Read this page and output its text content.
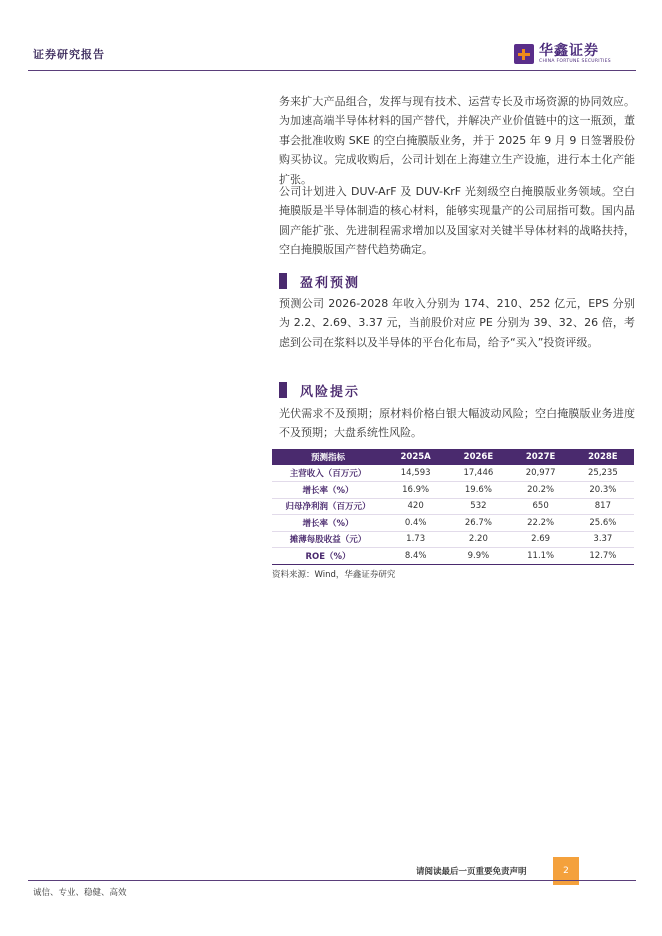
证券研究报告	华鑫证券
CHINA FORTUNE SECURITIES

务来扩大产品组合，发挥与现有技术、运营专长及市场资源的协同效应。为加速高端半导体材料的国产替代，并解决产业价值链中的这一瓶颈，董事会批准收购 SKE 的空白掩膜版业务，并于 2025 年 9 月 9 日签署股份购买协议。完成收购后，公司计划在上海建立生产设施，进行本土化产能扩张。

公司计划进入 DUV-ArF 及 DUV-KrF 光刻级空白掩膜版业务领域。空白掩膜版是半导体制造的核心材料，能够实现量产的公司屈指可数。国内晶圆产能扩张、先进制程需求增加以及国家对关键半导体材料的战略扶持，空白掩膜版国产替代趋势确定。

盈利预测

预测公司 2026-2028 年收入分别为 174、210、252 亿元，EPS 分别为 2.2、2.69、3.37 元，当前股价对应 PE 分别为 39、32、26 倍，考虑到公司在浆料以及半导体的平台化布局，给予“买入”投资评级。

风险提示

光伏需求不及预期；原材料价格白银大幅波动风险；空白掩膜版业务进度不及预期；大盘系统性风险。

预测指标	2025A	2026E	2027E	2028E
主营收入（百万元）	14,593	17,446	20,977	25,235
增长率（%）	16.9%	19.6%	20.2%	20.3%
归母净利润（百万元）	420	532	650	817
增长率（%）	0.4%	26.7%	22.2%	25.6%
摊薄每股收益（元）	1.73	2.20	2.69	3.37
ROE（%）	8.4%	9.9%	11.1%	12.7%
资料来源：Wind，华鑫证券研究
请阅读最后一页重要免责声明	2
诚信、专业、稳健、高效
